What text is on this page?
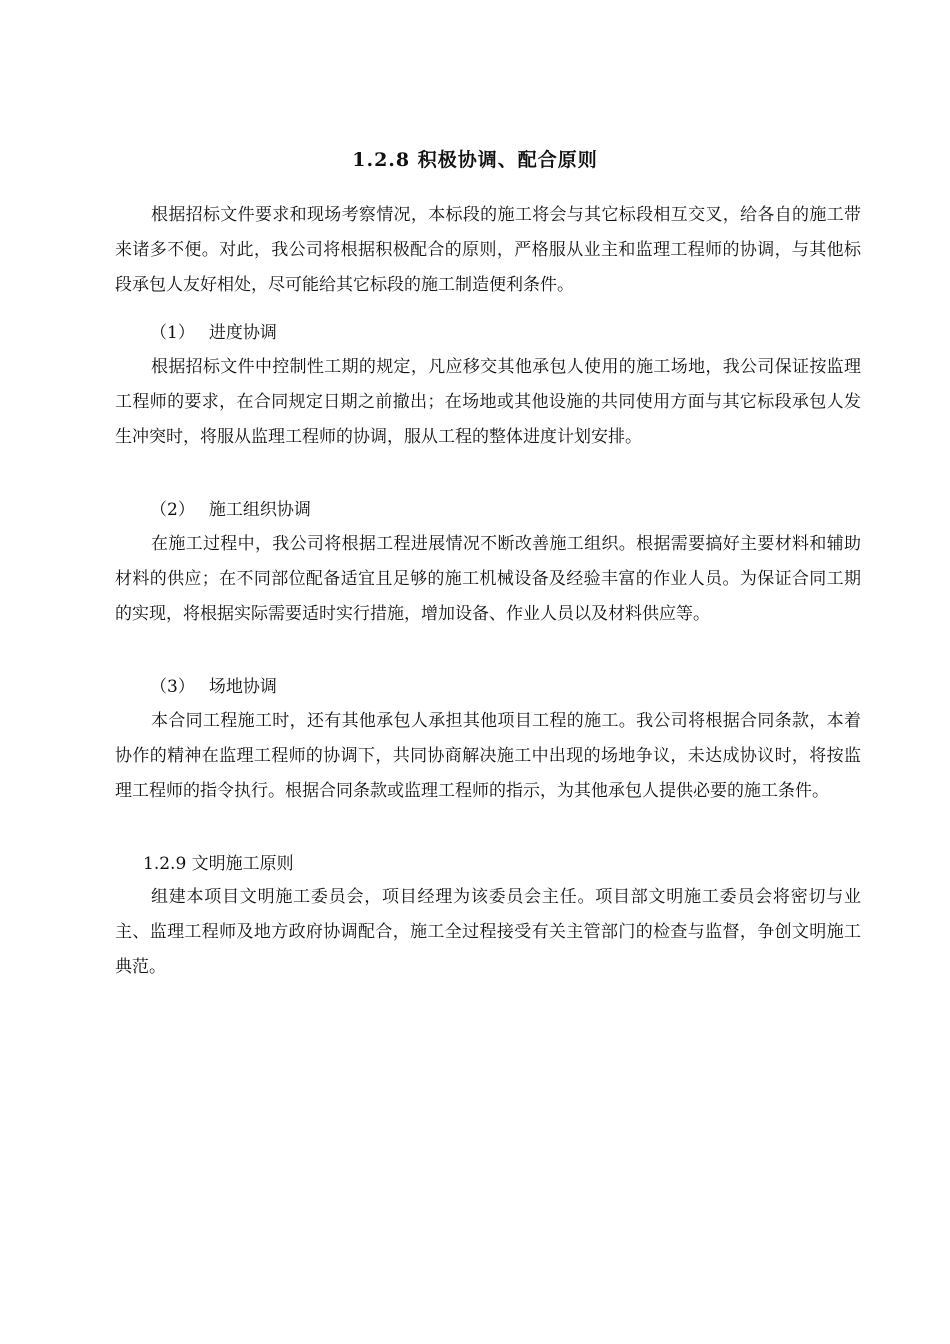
1.2.8 积极协调、配合原则

根据招标文件要求和现场考察情况，本标段的施工将会与其它标段相互交叉，给各自的施工带来诸多不便。对此，我公司将根据积极配合的原则，严格服从业主和监理工程师的协调，与其他标段承包人友好相处，尽可能给其它标段的施工制造便利条件。

（1） 进度协调

根据招标文件中控制性工期的规定，凡应移交其他承包人使用的施工场地，我公司保证按监理工程师的要求，在合同规定日期之前撤出；在场地或其他设施的共同使用方面与其它标段承包人发生冲突时，将服从监理工程师的协调，服从工程的整体进度计划安排。

（2） 施工组织协调

在施工过程中，我公司将根据工程进展情况不断改善施工组织。根据需要搞好主要材料和辅助材料的供应；在不同部位配备适宜且足够的施工机械设备及经验丰富的作业人员。为保证合同工期的实现，将根据实际需要适时实行措施，增加设备、作业人员以及材料供应等。

（3） 场地协调

本合同工程施工时，还有其他承包人承担其他项目工程的施工。我公司将根据合同条款，本着协作的精神在监理工程师的协调下，共同协商解决施工中出现的场地争议，未达成协议时，将按监理工程师的指令执行。根据合同条款或监理工程师的指示，为其他承包人提供必要的施工条件。

1.2.9 文明施工原则

组建本项目文明施工委员会，项目经理为该委员会主任。项目部文明施工委员会将密切与业主、监理工程师及地方政府协调配合，施工全过程接受有关主管部门的检查与监督，争创文明施工典范。
